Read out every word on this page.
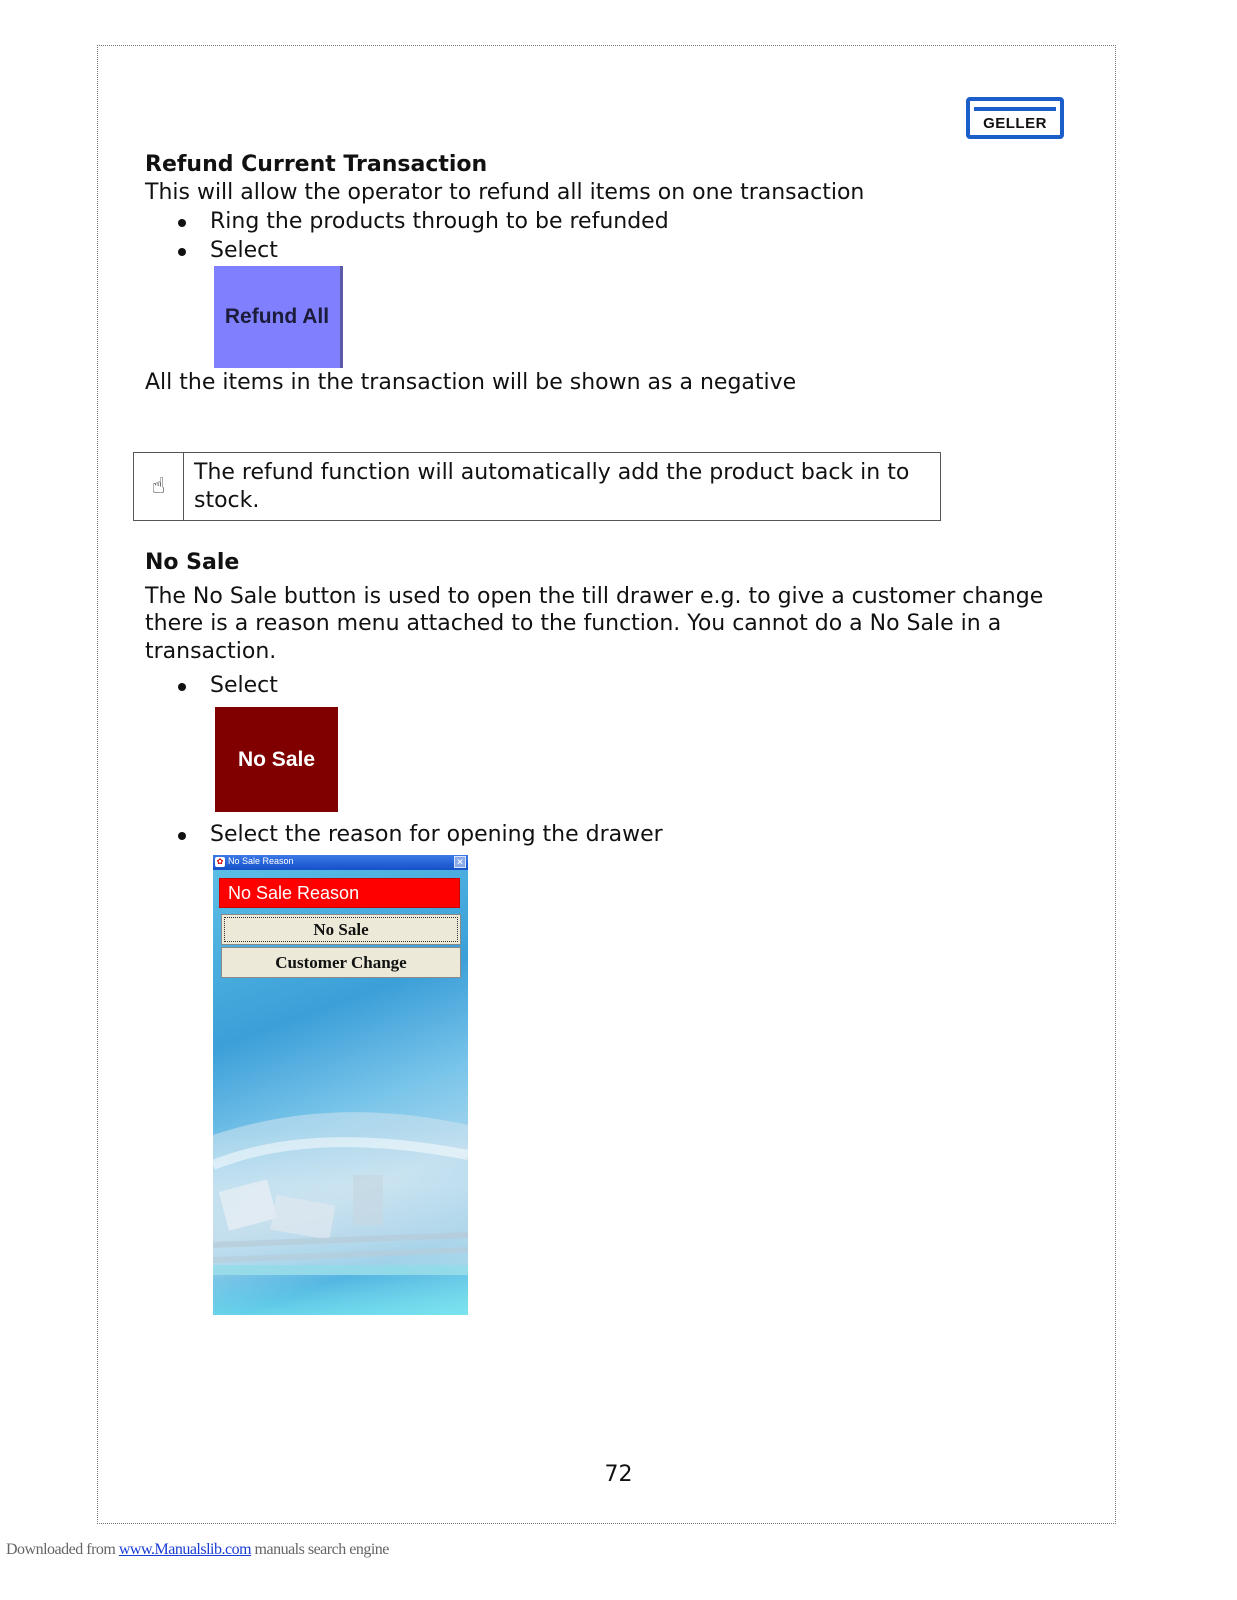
GELLER
Refund Current Transaction
This will allow the operator to refund all items on one transaction
Ring the products through to be refunded
Select
Refund All
All the items in the transaction will be shown as a negative
☝
The refund function will automatically add the product back in to stock.
No Sale
The No Sale button is used to open the till drawer e.g. to give a customer change
there is a reason menu attached to the function. You cannot do a No Sale in a
transaction.
Select
No Sale
Select the reason for opening the drawer
✿ No Sale Reason	✕
No Sale Reason
No Sale
Customer Change
72
Downloaded from www.Manualslib.com manuals search engine
